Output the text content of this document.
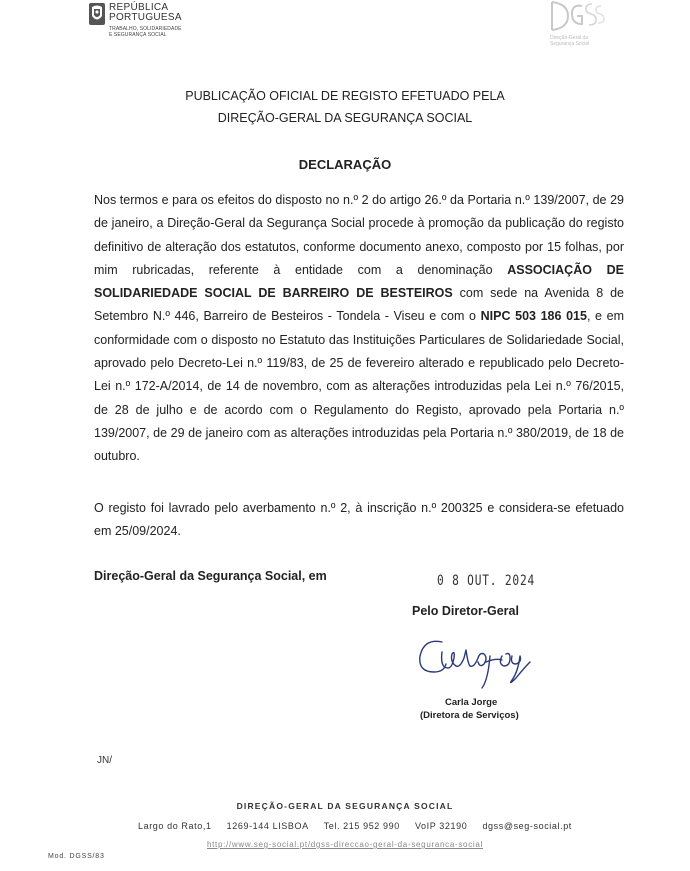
REPÚBLICA
PORTUGUESA
TRABALHO, SOLIDARIEDADE
E SEGURANÇA SOCIAL	Direção-Geral da
Segurança Social
PUBLICAÇÃO OFICIAL DE REGISTO EFETUADO PELA
DIREÇÃO-GERAL DA SEGURANÇA SOCIAL
DECLARAÇÃO
Nos termos e para os efeitos do disposto no n.º 2 do artigo 26.º da Portaria n.º 139/2007, de 29 de janeiro, a Direção-Geral da Segurança Social procede à promoção da publicação do registo definitivo de alteração dos estatutos, conforme documento anexo, composto por 15 folhas, por mim rubricadas, referente à entidade com a denominação ASSOCIAÇÃO DE SOLIDARIEDADE SOCIAL DE BARREIRO DE BESTEIROS com sede na Avenida 8 de Setembro N.º 446, Barreiro de Besteiros - Tondela - Viseu e com o NIPC 503 186 015, e em conformidade com o disposto no Estatuto das Instituições Particulares de Solidariedade Social, aprovado pelo Decreto-Lei n.º 119/83, de 25 de fevereiro alterado e republicado pelo Decreto-Lei n.º 172-A/2014, de 14 de novembro, com as alterações introduzidas pela Lei n.º 76/2015, de 28 de julho e de acordo com o Regulamento do Registo, aprovado pela Portaria n.º 139/2007, de 29 de janeiro com as alterações introduzidas pela Portaria n.º 380/2019, de 18 de outubro.
O registo foi lavrado pelo averbamento n.º 2, à inscrição n.º 200325 e considera-se efetuado em 25/09/2024.
Direção-Geral da Segurança Social, em	0 8 OUT. 2024
Pelo Diretor-Geral
Carla Jorge
(Diretora de Serviços)
JN/
DIREÇÃO-GERAL DA SEGURANÇA SOCIAL
Largo do Rato,1 1269-144 LISBOA Tel. 215 952 990 VoIP 32190 dgss@seg-social.pt
http://www.seg-social.pt/dgss-direccao-geral-da-seguranca-social
Mod. DGSS/83
